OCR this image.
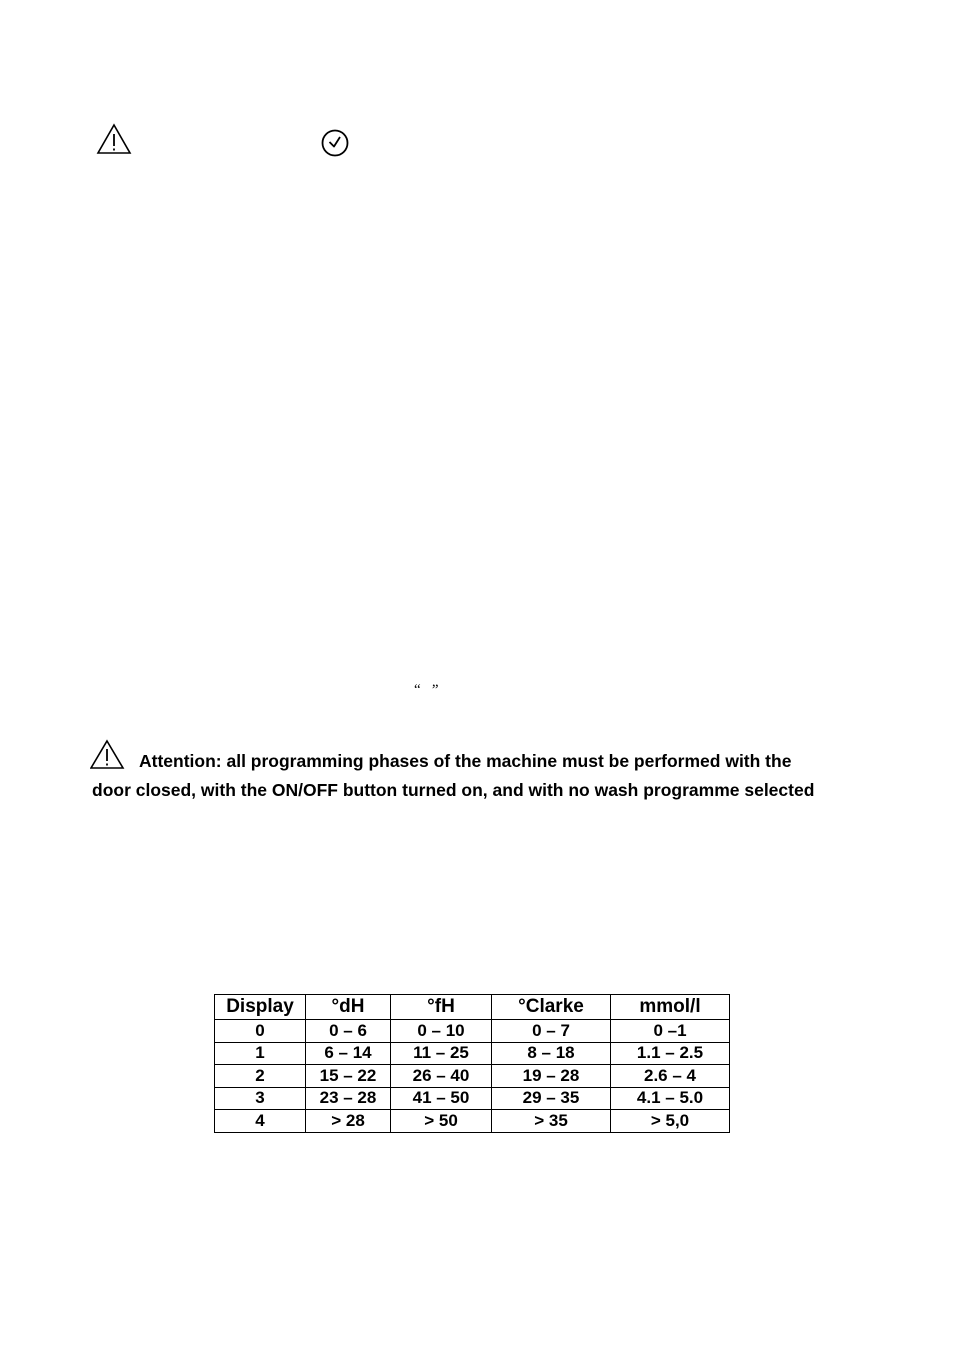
“   ”
Attention: all programming phases of the machine must be performed with the
door closed, with the ON/OFF button turned on, and with no wash programme selected
Display	°dH	°fH	°Clarke	mmol/l
0	0 – 6	0 – 10	0 – 7	0 –1
1	6 – 14	11 – 25	8 – 18	1.1 – 2.5
2	15 – 22	26 – 40	19 – 28	2.6 – 4
3	23 – 28	41 – 50	29 – 35	4.1 – 5.0
4	> 28	> 50	> 35	> 5,0
